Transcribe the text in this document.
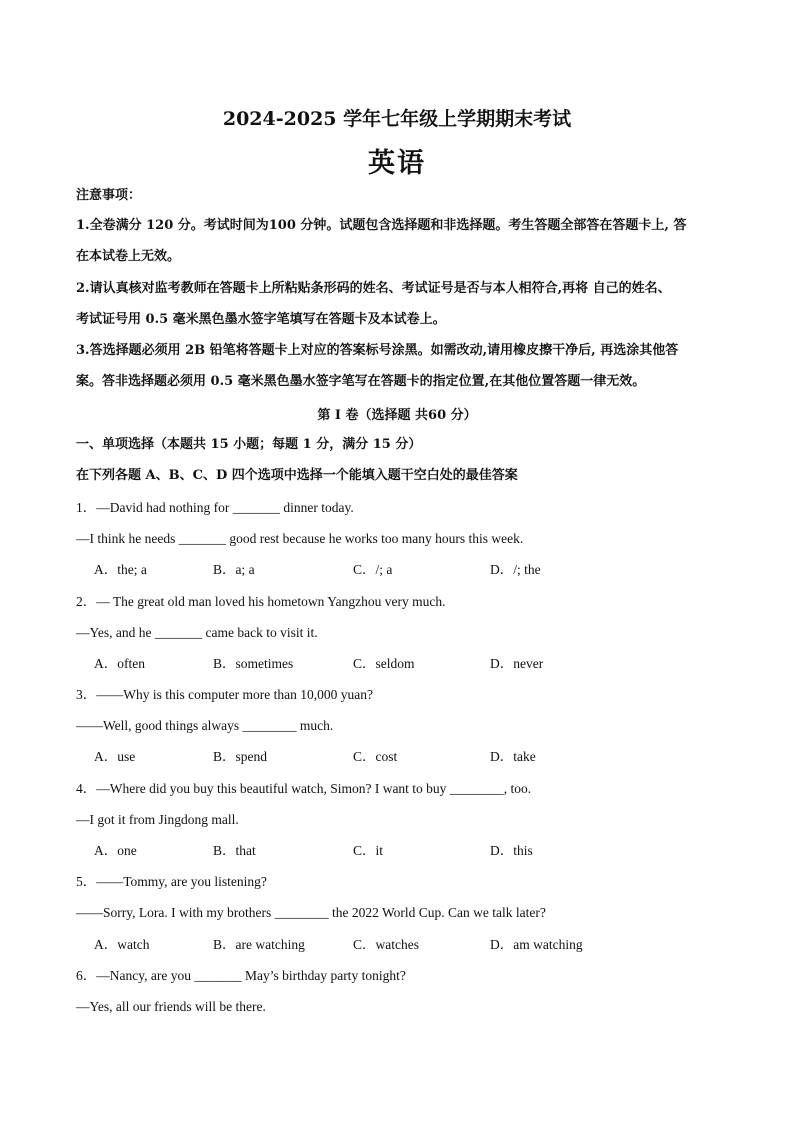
2024-2025 学年七年级上学期期末考试
英语
注意事项：
1.全卷满分 120 分。考试时间为100 分钟。试题包含选择题和非选择题。考生答题全部答在答题卡上, 答
在本试卷上无效。
2.请认真核对监考教师在答题卡上所粘贴条形码的姓名、考试证号是否与本人相符合,再将 自己的姓名、
考试证号用 0.5 毫米黑色墨水签字笔填写在答题卡及本试卷上。
3.答选择题必须用 2B 铅笔将答题卡上对应的答案标号涂黑。如需改动,请用橡皮擦干净后, 再选涂其他答
案。答非选择题必须用 0.5 毫米黑色墨水签字笔写在答题卡的指定位置,在其他位置答题一律无效。
第 I 卷（选择题 共60 分）
一、单项选择（本题共 15 小题；每题 1 分，满分 15 分）
在下列各题 A、B、C、D 四个选项中选择一个能填入题干空白处的最佳答案
1．—David had nothing for _______ dinner today.
—I think he needs _______ good rest because he works too many hours this week.
A．the; a	B．a; a	C．/; a	D．/; the
2．— The great old man loved his hometown Yangzhou very much.
—Yes, and he _______ came back to visit it.
A．often	B．sometimes	C．seldom	D．never
3．——Why is this computer more than 10,000 yuan?
——Well, good things always ________ much.
A．use	B．spend	C．cost	D．take
4．—Where did you buy this beautiful watch, Simon? I want to buy ________, too.
—I got it from Jingdong mall.
A．one	B．that	C．it	D．this
5．——Tommy, are you listening?
——Sorry, Lora. I with my brothers ________ the 2022 World Cup. Can we talk later?
A．watch	B．are watching	C．watches	D．am watching
6．—Nancy, are you _______ May’s birthday party tonight?
—Yes, all our friends will be there.
